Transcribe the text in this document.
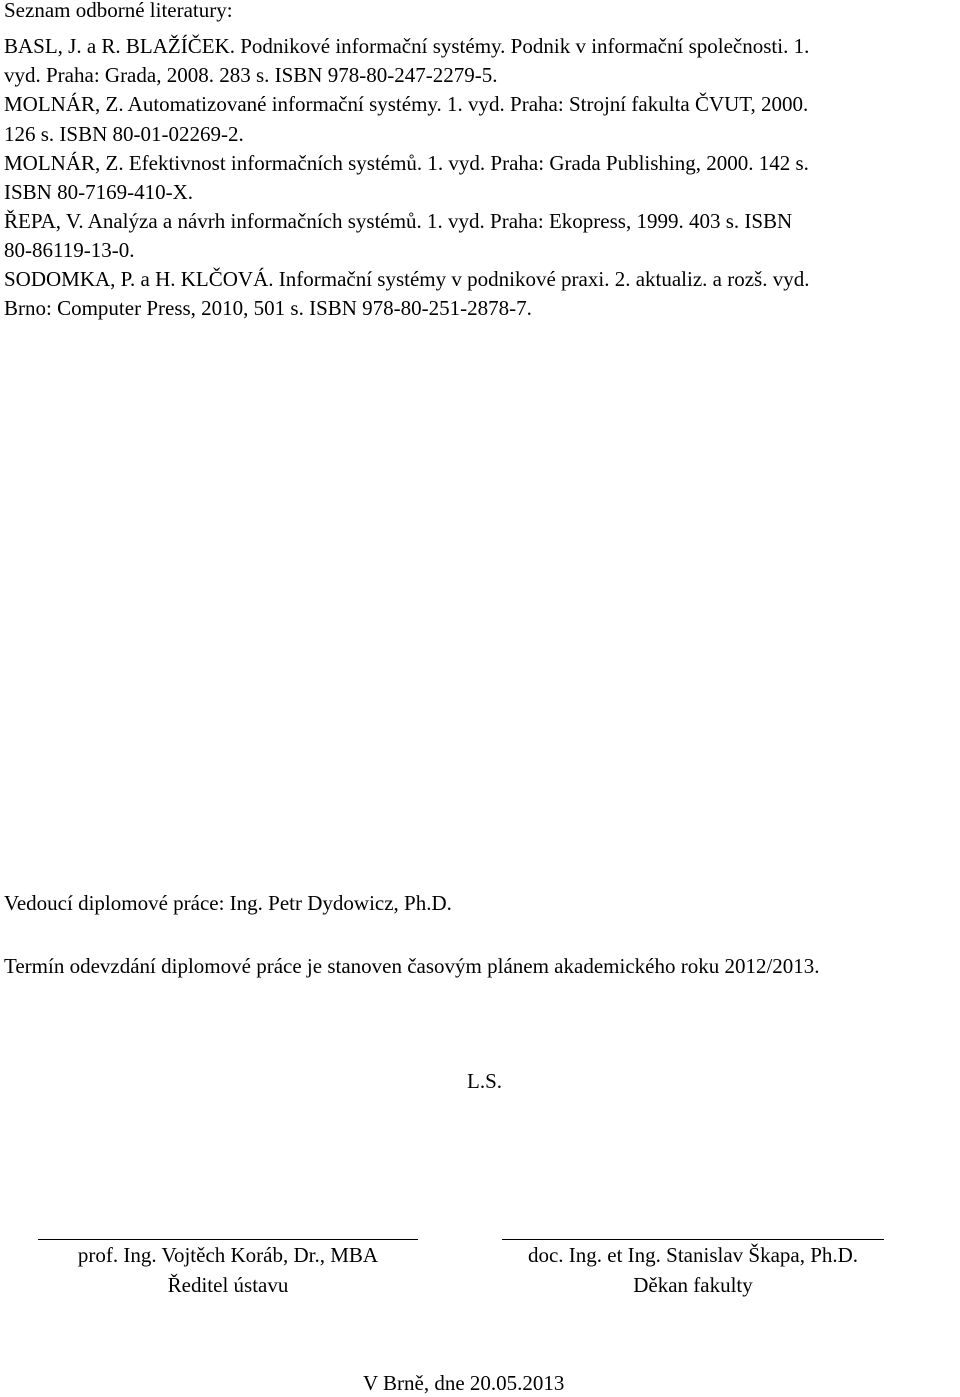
Seznam odborné literatury:
BASL, J. a R. BLAŽÍČEK. Podnikové informační systémy. Podnik v informační společnosti. 1.
vyd. Praha: Grada, 2008. 283 s. ISBN 978-80-247-2279-5.
MOLNÁR, Z. Automatizované informační systémy. 1. vyd. Praha: Strojní fakulta ČVUT, 2000.
126 s. ISBN 80-01-02269-2.
MOLNÁR, Z. Efektivnost informačních systémů. 1. vyd. Praha: Grada Publishing, 2000. 142 s.
ISBN 80-7169-410-X.
ŘEPA, V. Analýza a návrh informačních systémů. 1. vyd. Praha: Ekopress, 1999. 403 s. ISBN
80-86119-13-0.
SODOMKA, P. a H. KLČOVÁ. Informační systémy v podnikové praxi. 2. aktualiz. a rozš. vyd.
Brno: Computer Press, 2010, 501 s. ISBN 978-80-251-2878-7.
Vedoucí diplomové práce: Ing. Petr Dydowicz, Ph.D.
Termín odevzdání diplomové práce je stanoven časovým plánem akademického roku 2012/2013.
L.S.
prof. Ing. Vojtěch Koráb, Dr., MBA
Ředitel ústavu
doc. Ing. et Ing. Stanislav Škapa, Ph.D.
Děkan fakulty
V Brně, dne 20.05.2013
